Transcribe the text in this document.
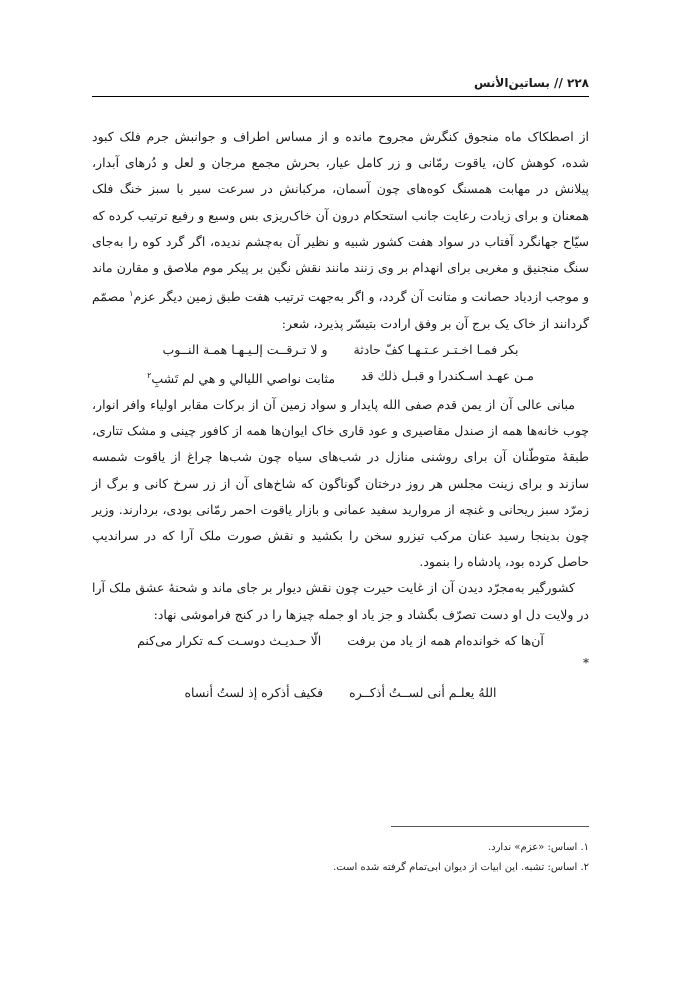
۲۲۸ // بساتین‌الأنس

از اصطکاک ماه منجوق کنگرش مجروح مانده و از مساس اطراف و جوانبش جرم فلک کبود شده، کوهش کان، یاقوت رمّانی و زر کامل عیار، بحرش مجمع مرجان و لعل و دُرهای آبدار، پیلانش در مهابت همسنگ کوه‌های چون آسمان، مرکبانش در سرعت سیر با سبز خنگ فلک همعنان و برای زیادت رعایت جانب استحکام درون آن خاک‌ریزی بس وسیع و رفیع ترتیب کرده که سیّاح جهانگرد آفتاب در سواد هفت کشور شبیه و نظیر آن به‌چشم ندیده، اگر گرد کوه را به‌جای سنگ منجنیق و مغربی برای انهدام بر وی زنند مانند نقش نگین بر پیکر موم ملاصق و مقارن ماند و موجب ازدیاد حصانت و متانت آن گردد، و اگر به‌جهت ترتیب هفت طبق زمین دیگر عزم$^۱$ مصمّم گردانند از خاک یک برج آن بر وفق ارادت بتیسّر پذیرد، شعر:

بکر فمـا اخـتـر عـتـهـا کفّ حادثة
و لا تـرقــت إلـيـهـا همـة النــوب
مـن عهـد اسـكندرا و قبـل ذلك قد
مثابت نواصي الليالي و هي لم تَشبِ$^۲$

مبانی عالی آن از یمن قدم صفی الله پایدار و سواد زمین آن از برکات مقابر اولیاء وافر انوار، چوب خانه‌ها همه از صندل مقاصیری و عود قاری خاک ایوان‌ها همه از کافور چینی و مشک تتاری، طبقهٔ متوطّنان آن برای روشنی منازل در شب‌های سیاه چون شب‌ها چراغ از یاقوت شمسه سازند و برای زینت مجلس هر روز درختان گوناگون که شاخ‌های آن از زر سرخ کانی و برگ از زمرّد سبز ریحانی و غنچه از مروارید سفید عمانی و بازار یاقوت احمر رمّانی بودی، بردارند. وزیر چون بدینجا رسید عنان مرکب تیزرو سخن را بکشید و نقش صورت ملک آرا که در سراندیپ حاصل کرده بود، پادشاه را بنمود.

کشورگیر به‌مجرّد دیدن آن از غایت حیرت چون نقش دیوار بر جای ماند و شحنهٔ عشق ملک آرا در ولایت دل او دست تصرّف بگشاد و جز یاد او جمله چیزها را در کنج فراموشی نهاد:

آن‌ها که خوانده‌ام همه از یاد من برفت
الّا حـدیـث دوسـت کـه تکرار می‌کنم

*

اللهُ يعلـم أنی لســتُ أذکــره
فكيف أذكره إذ لستُ أنساه
۱. اساس: «عزم» ندارد.
۲. اساس: تشبه. این ابیات از دیوان ابی‌تمام گرفته شده است.
